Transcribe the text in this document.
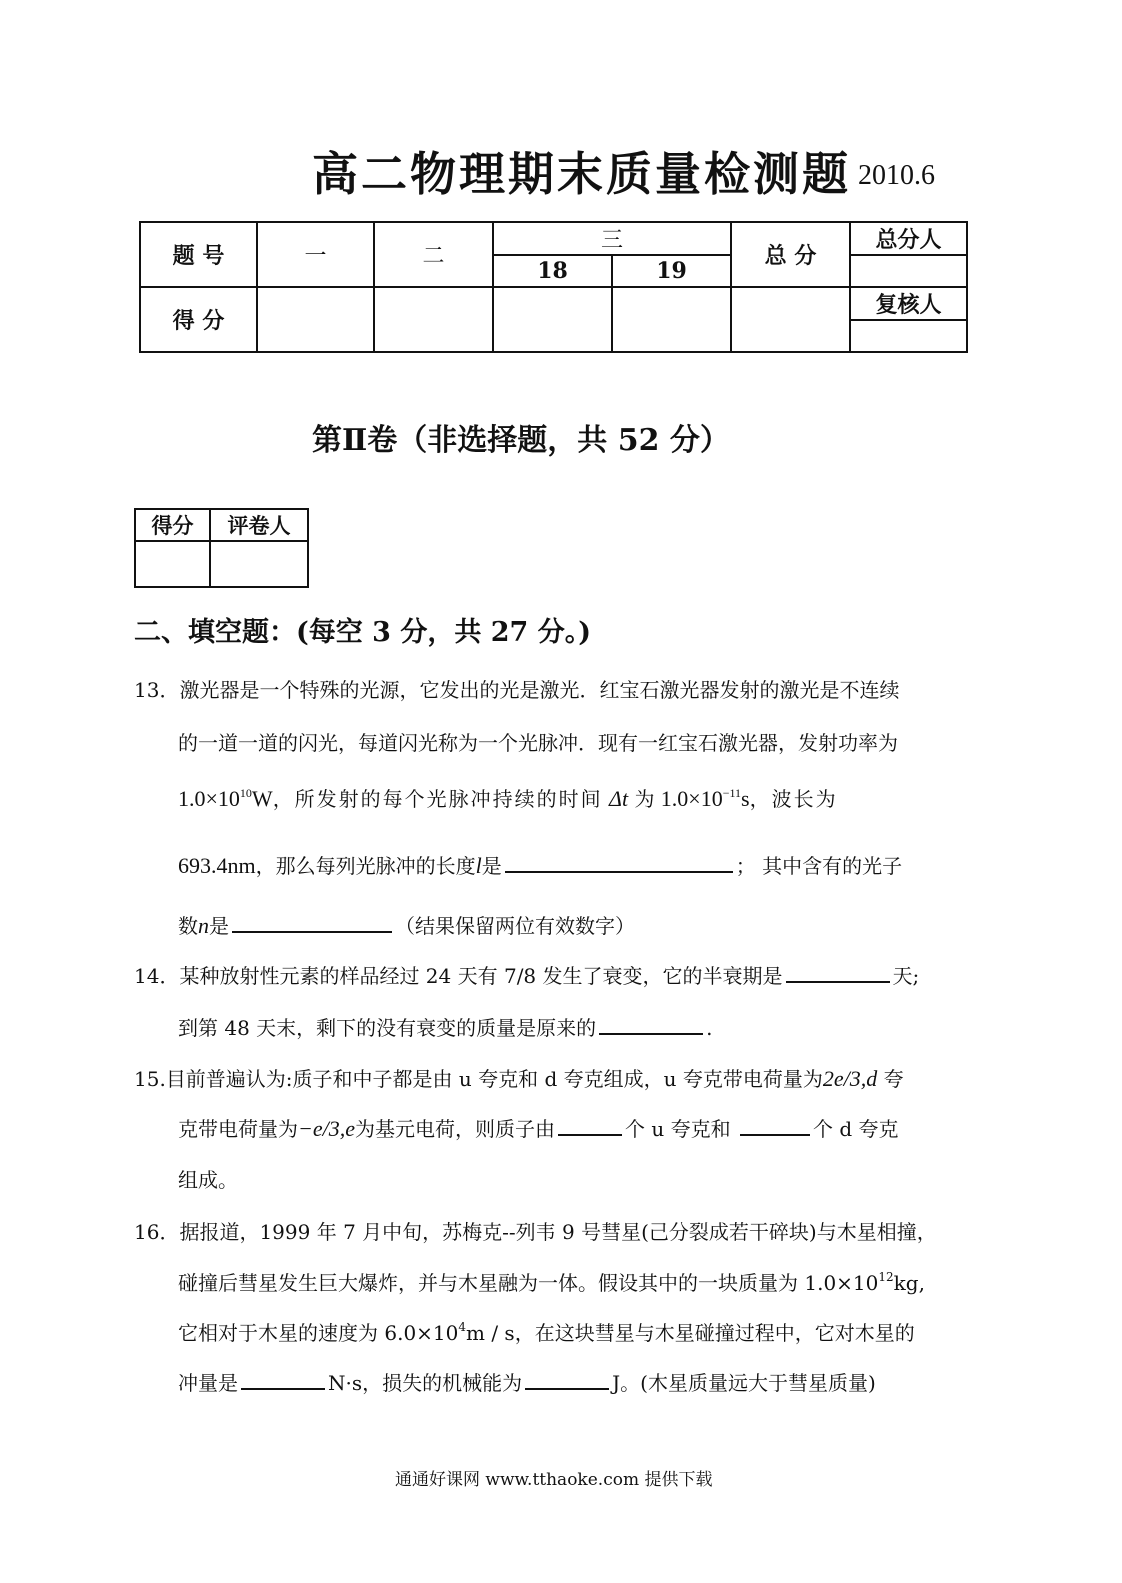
高二物理期末质量检测题 2010.6
题 号	一	二	三		总 分	总分人
			18	19		
得 分						复核人

第Ⅱ卷（非选择题，共 52 分）
得分	评卷人

二、填空题：(每空 3 分，共 27 分。)
13．激光器是一个特殊的光源，它发出的光是激光．红宝石激光器发射的激光是不连续
的一道一道的闪光，每道闪光称为一个光脉冲．现有一红宝石激光器，发射功率为
$1.0\times 10^{10}W$，所发射的每个光脉冲持续的时间 Δt 为 $1.0\times 10^{-11}s$，波长为
693.4nm，那么每列光脉冲的长度l是	； 其中含有的光子
数n是	（结果保留两位有效数字）
14．某种放射性元素的样品经过 24 天有 7/8 发生了衰变，它的半衰期是	天;
到第 48 天末，剩下的没有衰变的质量是原来的	.
15.目前普遍认为:质子和中子都是由 u 夸克和 d 夸克组成，u 夸克带电荷量为2e/3,d 夸
克带电荷量为−e/3,e为基元电荷，则质子由	个 u 夸克和	个 d 夸克
组成。
16．据报道，1999 年 7 月中旬，苏梅克--列韦 9 号彗星(己分裂成若干碎块)与木星相撞，
碰撞后彗星发生巨大爆炸，并与木星融为一体。假设其中的一块质量为 $1.0\times 10^{12}kg$,
它相对于木星的速度为 $6.0\times 10^4m / s$，在这块彗星与木星碰撞过程中，它对木星的
冲量是	N·s，损失的机械能为	J。(木星质量远大于彗星质量)
通通好课网 www.tthaoke.com 提供下载
